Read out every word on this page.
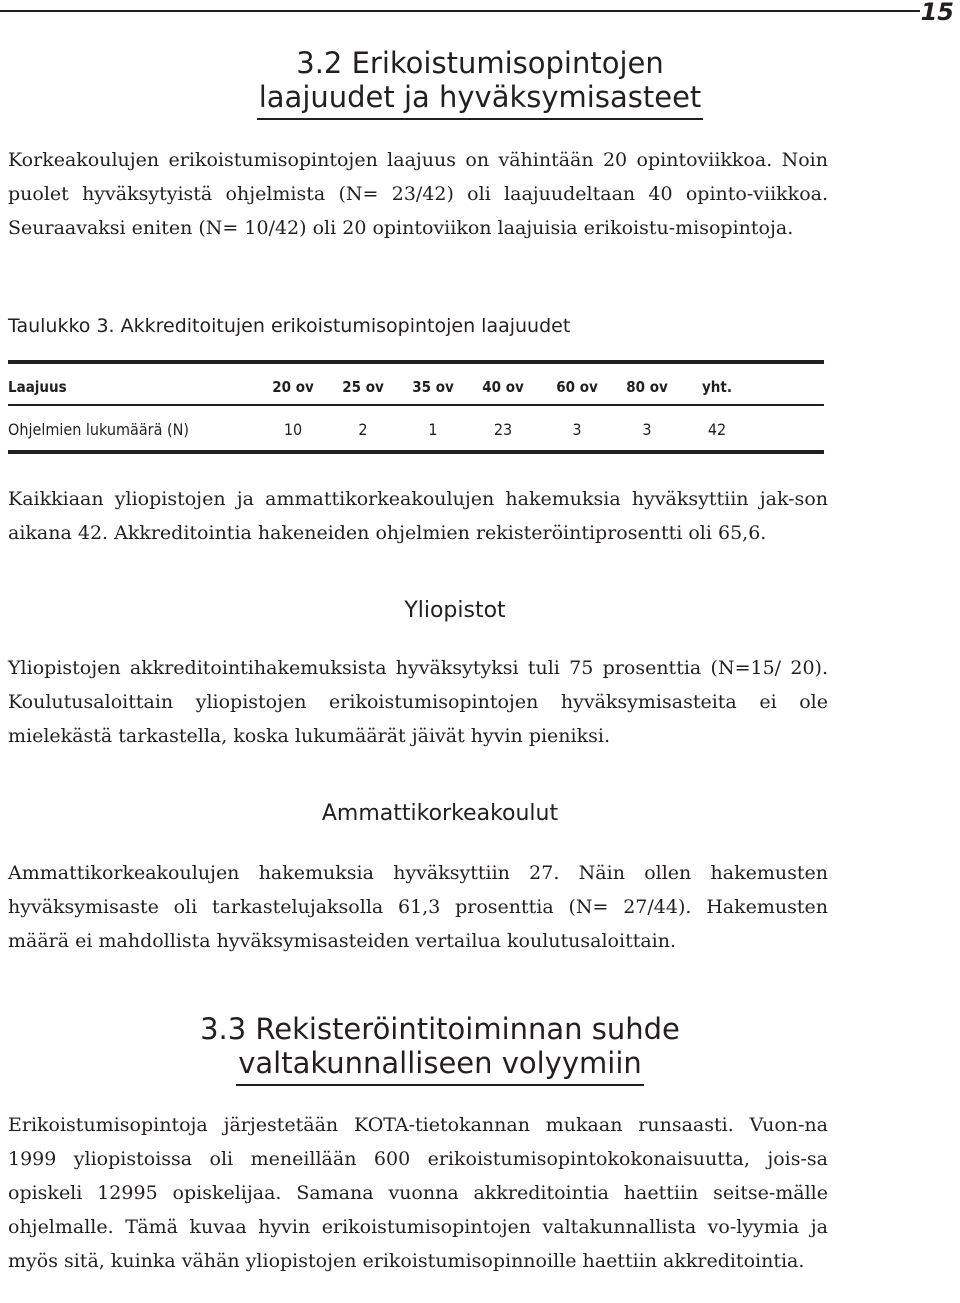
15
3.2 Erikoistumisopintojen
laajuudet ja hyväksymisasteet

Korkeakoulujen erikoistumisopintojen laajuus on vähintään 20 opintoviikkoa. Noin puolet hyväksytyistä ohjelmista (N= 23/42) oli laajuudeltaan 40 opinto-viikkoa. Seuraavaksi eniten (N= 10/42) oli 20 opintoviikon laajuisia erikoistu-misopintoja.

Taulukko 3. Akkreditoitujen erikoistumisopintojen laajuudet
Laajuus	20 ov 25 ov 35 ov 40 ov 60 ov 80 ov	yht.
Ohjelmien lukumäärä (N)	10	2	1	23	3	3	42

Kaikkiaan yliopistojen ja ammattikorkeakoulujen hakemuksia hyväksyttiin jak-son aikana 42. Akkreditointia hakeneiden ohjelmien rekisteröintiprosentti oli 65,6.

Yliopistot

Yliopistojen akkreditointihakemuksista hyväksytyksi tuli 75 prosenttia (N=15/ 20). Koulutusaloittain yliopistojen erikoistumisopintojen hyväksymisasteita ei ole mielekästä tarkastella, koska lukumäärät jäivät hyvin pieniksi.

Ammattikorkeakoulut

Ammattikorkeakoulujen hakemuksia hyväksyttiin 27. Näin ollen hakemusten hyväksymisaste oli tarkastelujaksolla 61,3 prosenttia (N= 27/44). Hakemusten määrä ei mahdollista hyväksymisasteiden vertailua koulutusaloittain.

3.3 Rekisteröintitoiminnan suhde
valtakunnalliseen volyymiin

Erikoistumisopintoja järjestetään KOTA-tietokannan mukaan runsaasti. Vuon-na 1999 yliopistoissa oli meneillään 600 erikoistumisopintokokonaisuutta, jois-sa opiskeli 12995 opiskelijaa. Samana vuonna akkreditointia haettiin seitse-mälle ohjelmalle. Tämä kuvaa hyvin erikoistumisopintojen valtakunnallista vo-lyymia ja myös sitä, kuinka vähän yliopistojen erikoistumisopinnoille haettiin akkreditointia.
